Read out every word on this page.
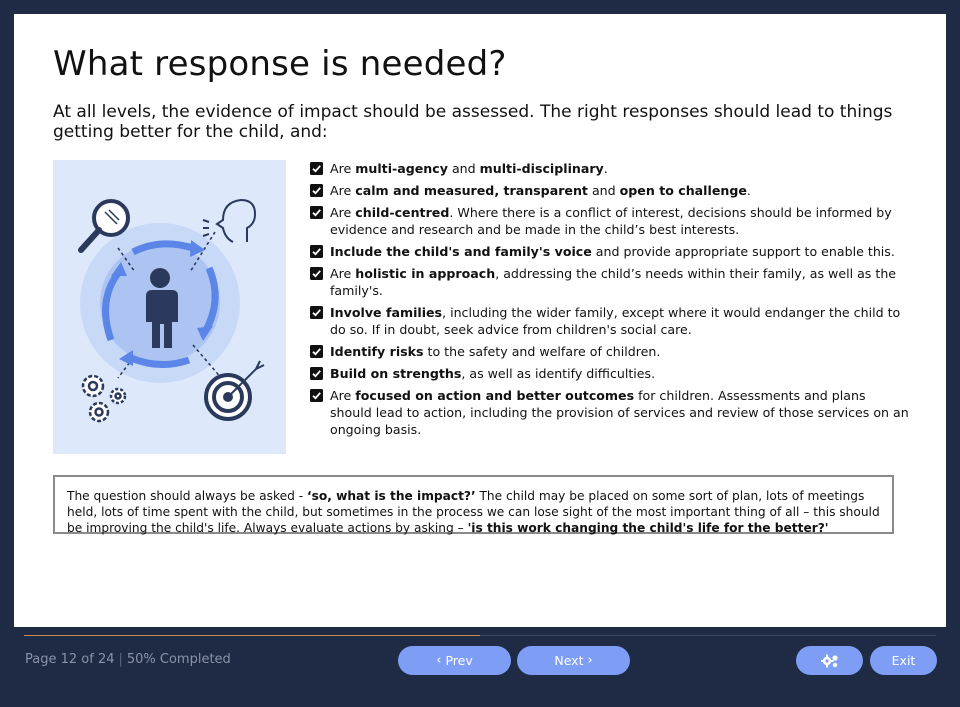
What response is needed?

At all levels, the evidence of impact should be assessed. The right responses should lead to things getting better for the child, and:

Are multi-agency and multi-disciplinary.
Are calm and measured, transparent and open to challenge.
Are child-centred. Where there is a conflict of interest, decisions should be informed by evidence and research and be made in the child’s best interests.
Include the child's and family's voice and provide appropriate support to enable this.
Are holistic in approach, addressing the child’s needs within their family, as well as the family's.
Involve families, including the wider family, except where it would endanger the child to do so. If in doubt, seek advice from children's social care.
Identify risks to the safety and welfare of children.
Build on strengths, as well as identify difficulties.
Are focused on action and better outcomes for children. Assessments and plans should lead to action, including the provision of services and review of those services on an ongoing basis.
The question should always be asked - ‘so, what is the impact?’ The child may be placed on some sort of plan, lots of meetings held, lots of time spent with the child, but sometimes in the process we can lose sight of the most important thing of all – this should be improving the child's life. Always evaluate actions by asking – 'is this work changing the child's life for the better?'
Page 12 of 24 | 50% Completed	‹
Prev	Next
›	Exit
